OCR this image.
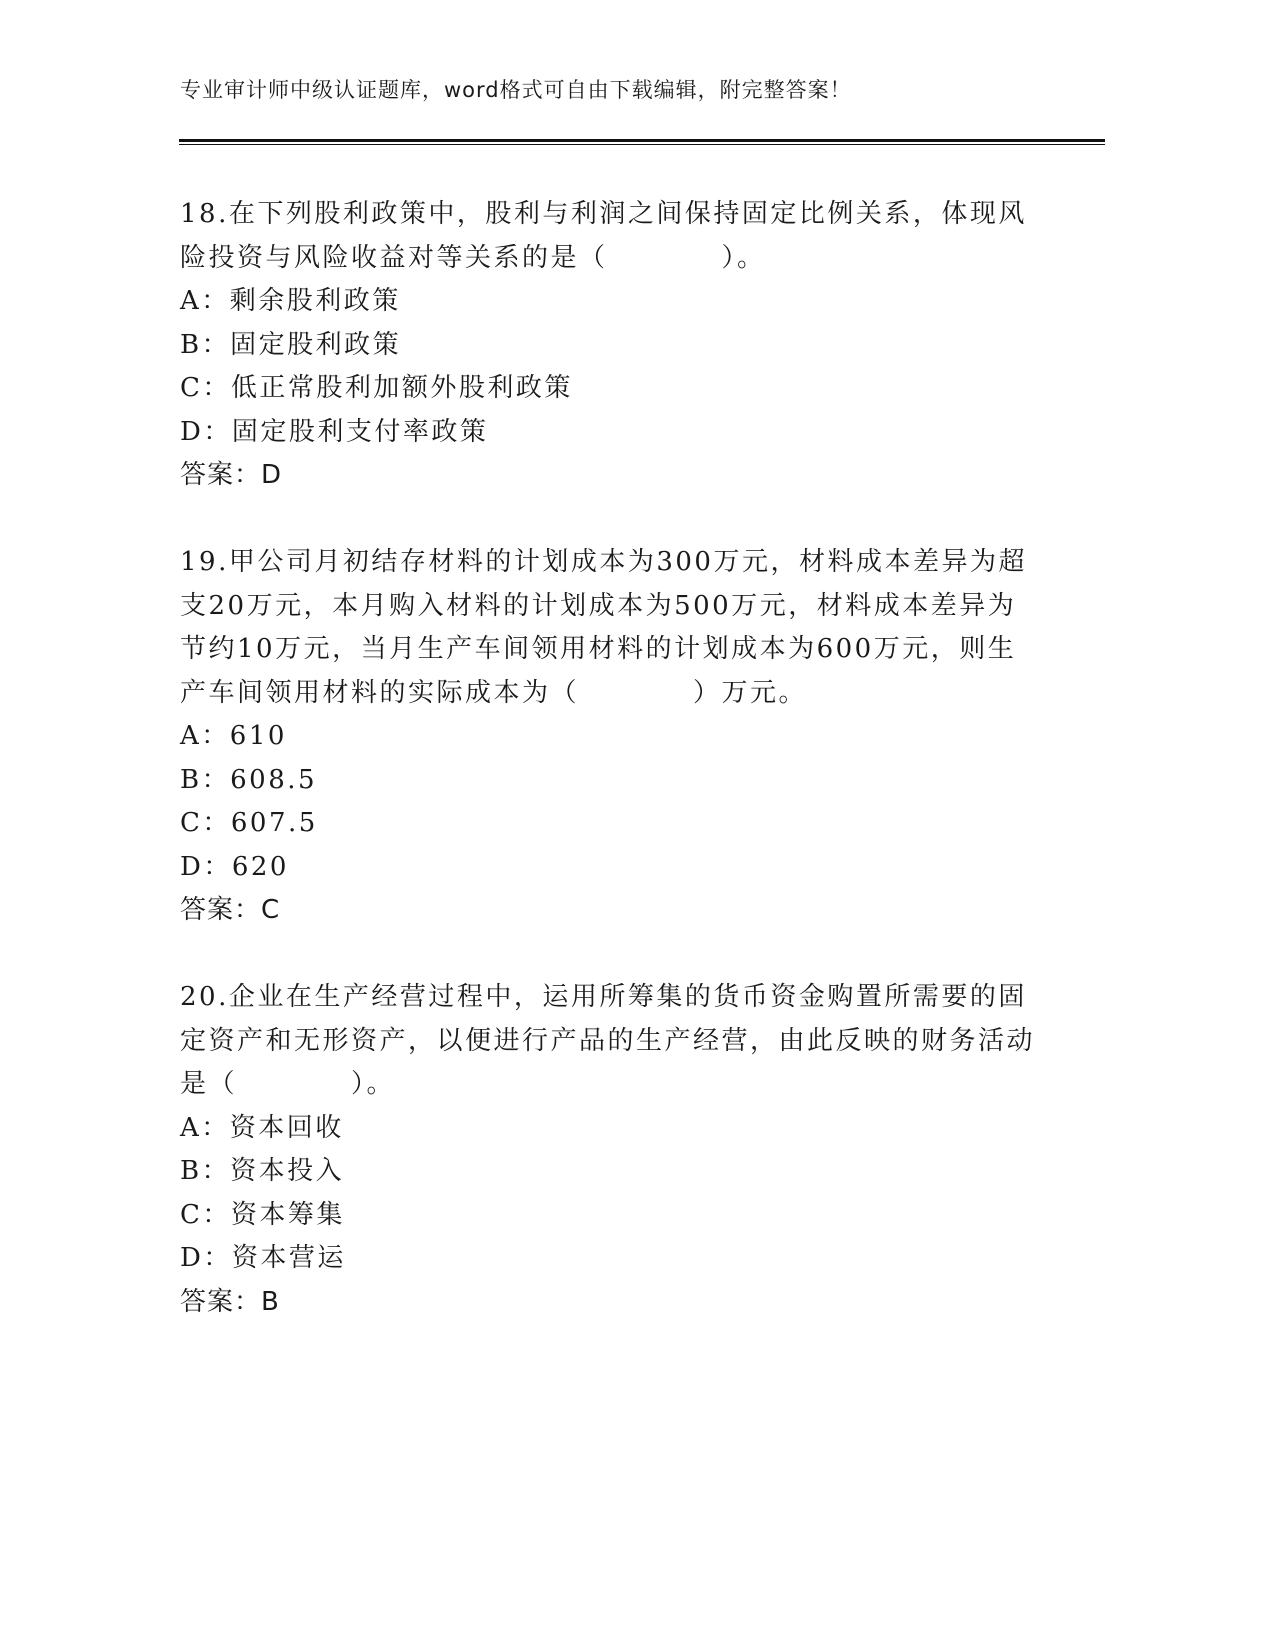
专业审计师中级认证题库，word格式可自由下载编辑，附完整答案！

18.在下列股利政策中，股利与利润之间保持固定比例关系，体现风险投资与风险收益对等关系的是（　　　　）。

A：剩余股利政策

B：固定股利政策

C：低正常股利加额外股利政策

D：固定股利支付率政策

答案：D

19.甲公司月初结存材料的计划成本为300万元，材料成本差异为超支20万元，本月购入材料的计划成本为500万元，材料成本差异为节约10万元，当月生产车间领用材料的计划成本为600万元，则生产车间领用材料的实际成本为（　　　　）万元。

A：610

B：608.5

C：607.5

D：620

答案：C

20.企业在生产经营过程中，运用所筹集的货币资金购置所需要的固定资产和无形资产，以便进行产品的生产经营，由此反映的财务活动是（　　　　）。

A：资本回收

B：资本投入

C：资本筹集

D：资本营运

答案：B
